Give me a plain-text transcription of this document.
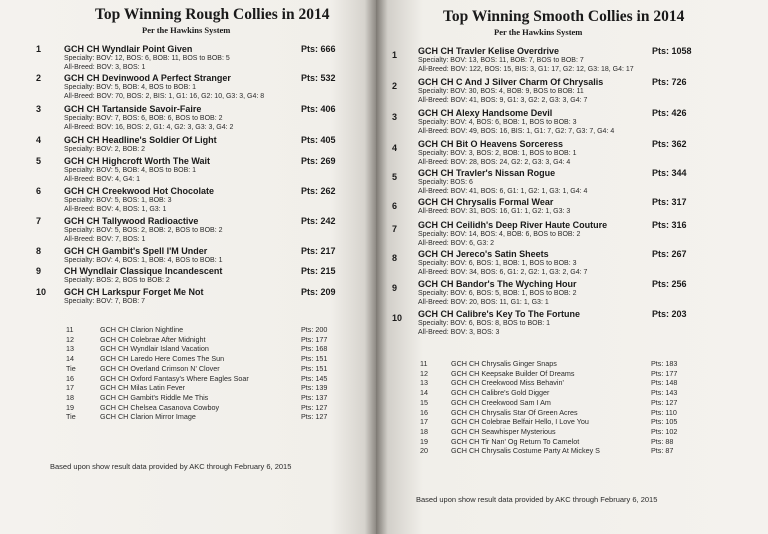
Top Winning Rough Collies in 2014
Per the Hawkins System
1	GCH CH Wyndlair Point Given	Pts: 666
Specialty: BOV: 12, BOS: 6, BOB: 11, BOS to BOB: 5
All-Breed: BOV: 3, BOS: 1
2	GCH CH Devinwood A Perfect Stranger	Pts: 532
Specialty: BOV: 5, BOB: 4, BOS to BOB: 1
All-Breed: BOV: 70, BOS: 2, BIS: 1, G1: 16, G2: 10, G3: 3, G4: 8
3	GCH CH Tartanside Savoir-Faire	Pts: 406
Specialty: BOV: 7, BOS: 6, BOB: 6, BOS to BOB: 2
All-Breed: BOV: 16, BOS: 2, G1: 4, G2: 3, G3: 3, G4: 2
4	GCH CH Headline's Soldier Of Light	Pts: 405
Specialty: BOV: 2, BOB: 2
5	GCH CH Highcroft Worth The Wait	Pts: 269
Specialty: BOV: 5, BOB: 4, BOS to BOB: 1
All-Breed: BOV: 4, G4: 1
6	GCH CH Creekwood Hot Chocolate	Pts: 262
Specialty: BOV: 5, BOS: 1, BOB: 3
All-Breed: BOV: 4, BOS: 1, G3: 1
7	GCH CH Tallywood Radioactive	Pts: 242
Specialty: BOV: 5, BOS: 2, BOB: 2, BOS to BOB: 2
All-Breed: BOV: 7, BOS: 1
8	GCH CH Gambit's Spell I'M Under	Pts: 217
Specialty: BOV: 4, BOS: 1, BOB: 4, BOS to BOB: 1
9	CH Wyndlair Classique Incandescent	Pts: 215
Specialty: BOS: 2, BOS to BOB: 2
10 GCH CH Larkspur Forget Me Not	Pts: 209
Specialty: BOV: 7, BOB: 7
11	GCH CH Clarion Nightline	Pts: 200
12	GCH CH Colebrae After Midnight	Pts: 177
13	GCH CH Wyndlair Island Vacation	Pts: 168
14	GCH CH Laredo Here Comes The Sun	Pts: 151
Tie	GCH CH Overland Crimson N' Clover	Pts: 151
16	GCH CH Oxford Fantasy's Where Eagles Soar	Pts: 145
17	GCH CH Milas Latin Fever	Pts: 139
18	GCH CH Gambit's Riddle Me This	Pts: 137
19	GCH CH Chelsea Casanova Cowboy	Pts: 127
Tie	GCH CH Clarion Mirror Image	Pts: 127
Based upon show result data provided by AKC through February 6, 2015
Top Winning Smooth Collies in 2014
Per the Hawkins System
1 GCH CH Travler Kelise Overdrive	Pts: 1058
Specialty: BOV: 13, BOS: 11, BOB: 7, BOS to BOB: 7
All-Breed: BOV: 122, BOS: 15, BIS: 3, G1: 17, G2: 12, G3: 18, G4: 17
2 GCH CH C And J Silver Charm Of Chrysalis	Pts: 726
Specialty: BOV: 30, BOS: 4, BOB: 9, BOS to BOB: 11
All-Breed: BOV: 41, BOS: 9, G1: 3, G2: 2, G3: 3, G4: 7
3 GCH CH Alexy Handsome Devil	Pts: 426
Specialty: BOV: 4, BOS: 6, BOB: 1, BOS to BOB: 3
All-Breed: BOV: 49, BOS: 16, BIS: 1, G1: 7, G2: 7, G3: 7, G4: 4
4 GCH CH Bit O Heavens Sorceress	Pts: 362
Specialty: BOV: 3, BOS: 2, BOB: 1, BOS to BOB: 1
All-Breed: BOV: 28, BOS: 24, G2: 2, G3: 3, G4: 4
5 GCH CH Travler's Nissan Rogue	Pts: 344
Specialty: BOS: 6
All-Breed: BOV: 41, BOS: 6, G1: 1, G2: 1, G3: 1, G4: 4
6 GCH CH Chrysalis Formal Wear	Pts: 317
All-Breed: BOV: 31, BOS: 16, G1: 1, G2: 1, G3: 3
7 GCH CH Ceilidh's Deep River Haute Couture	Pts: 316
Specialty: BOV: 14, BOS: 4, BOB: 6, BOS to BOB: 2
All-Breed: BOV: 6, G3: 2
8 GCH CH Jereco's Satin Sheets	Pts: 267
Specialty: BOV: 6, BOS: 1, BOB: 1, BOS to BOB: 3
All-Breed: BOV: 34, BOS: 6, G1: 2, G2: 1, G3: 2, G4: 7
9 GCH CH Bandor's The Wyching Hour	Pts: 256
Specialty: BOV: 6, BOS: 5, BOB: 1, BOS to BOB: 2
All-Breed: BOV: 20, BOS: 11, G1: 1, G3: 1
10 GCH CH Calibre's Key To The Fortune	Pts: 203
Specialty: BOV: 6, BOS: 8, BOS to BOB: 1
All-Breed: BOV: 3, BOS: 3
11	GCH CH Chrysalis Ginger Snaps	Pts: 183
12	GCH CH Keepsake Builder Of Dreams	Pts: 177
13	GCH CH Creekwood Miss Behavin'	Pts: 148
14	GCH CH Calibre's Gold Digger	Pts: 143
15	GCH CH Creekwood Sam I Am	Pts: 127
16	GCH CH Chrysalis Star Of Green Acres	Pts: 110
17	GCH CH Colebrae Belfair Hello, I Love You	Pts: 105
18	GCH CH Seawhisper Mysterious	Pts: 102
19	GCH CH Tir Nan' Og Return To Camelot	Pts: 88
20	GCH CH Chrysalis Costume Party At Mickey S	Pts: 87
Based upon show result data provided by AKC through February 6, 2015
